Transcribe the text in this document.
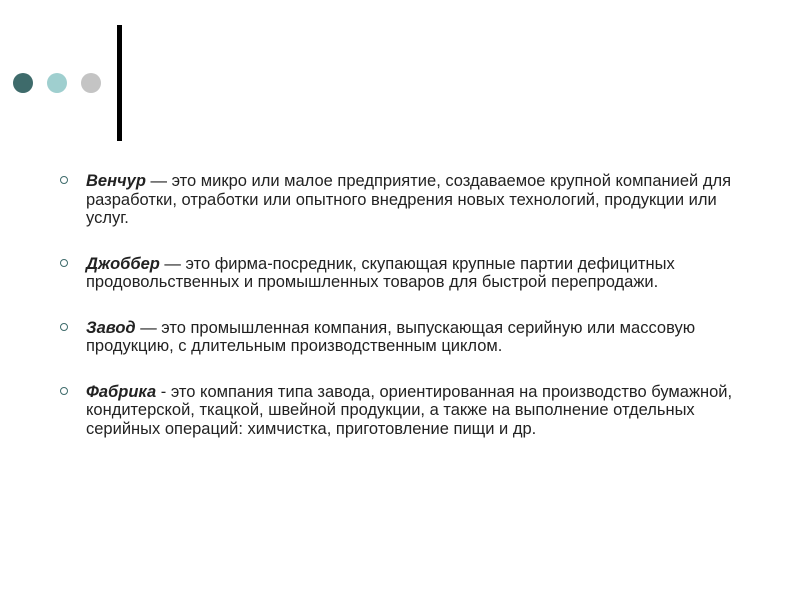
Венчур — это микро или малое предприятие, создаваемое крупной компанией для разработки, отработки или опытного внедрения новых технологий, продукции или услуг.
Джоббер — это фирма-посредник, скупающая крупные партии дефицитных продовольственных и промышленных товаров для быстрой перепродажи.
Завод — это промышленная компания, выпускающая серийную или массовую продукцию, с длительным производственным циклом.
Фабрика - это компания типа завода, ориентированная на производство бумажной, кондитерской, ткацкой, швейной продукции, а также на выполнение отдельных серийных операций: химчистка, приготовление пищи и др.
